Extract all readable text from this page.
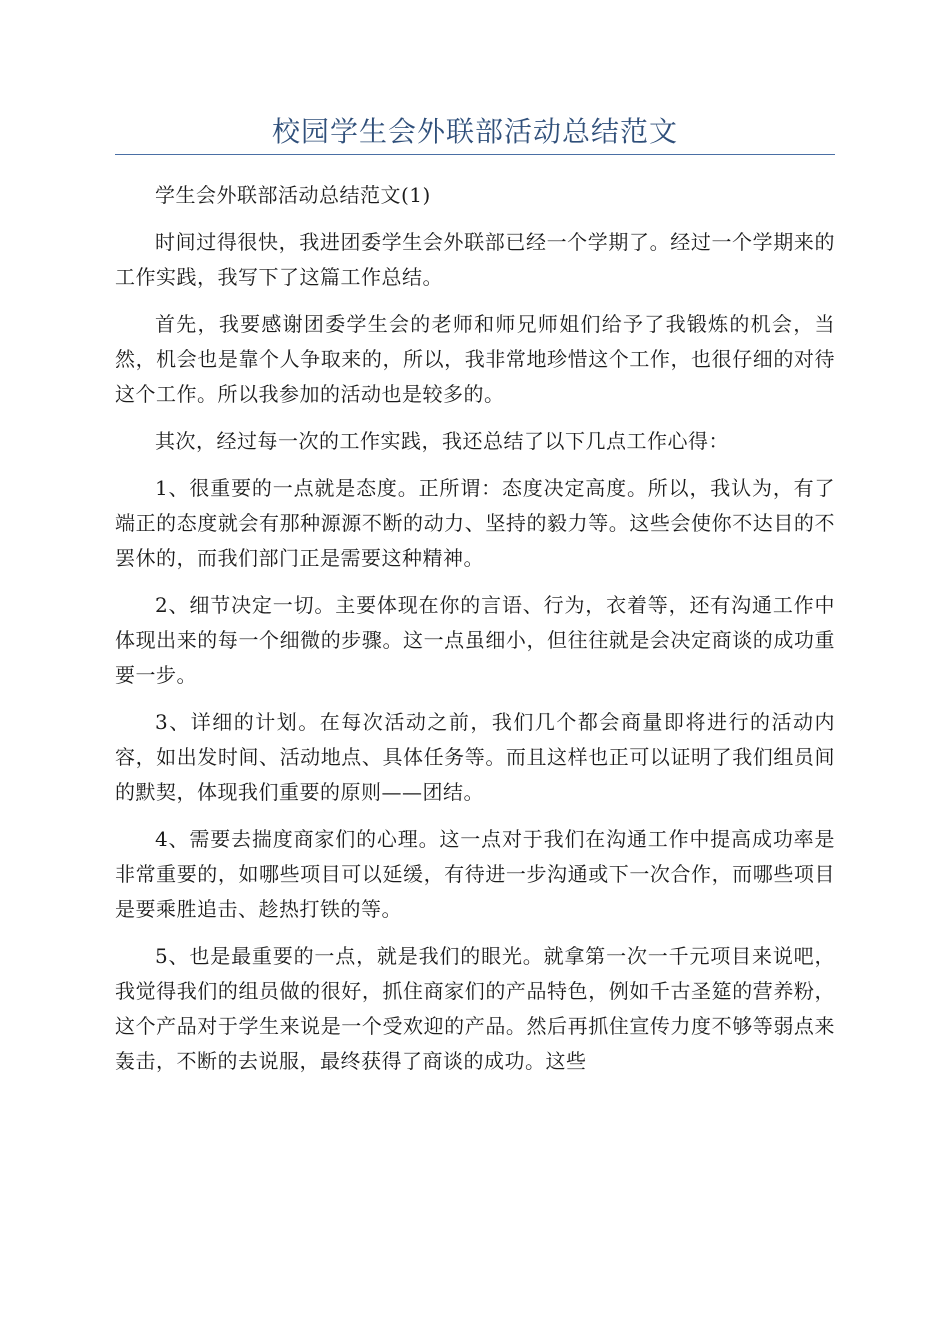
校园学生会外联部活动总结范文

学生会外联部活动总结范文(1)

时间过得很快，我进团委学生会外联部已经一个学期了。经过一个学期来的工作实践，我写下了这篇工作总结。

首先，我要感谢团委学生会的老师和师兄师姐们给予了我锻炼的机会，当然，机会也是靠个人争取来的，所以，我非常地珍惜这个工作，也很仔细的对待这个工作。所以我参加的活动也是较多的。

其次，经过每一次的工作实践，我还总结了以下几点工作心得：

1、很重要的一点就是态度。正所谓：态度决定高度。所以，我认为，有了端正的态度就会有那种源源不断的动力、坚持的毅力等。这些会使你不达目的不罢休的，而我们部门正是需要这种精神。

2、细节决定一切。主要体现在你的言语、行为，衣着等，还有沟通工作中体现出来的每一个细微的步骤。这一点虽细小，但往往就是会决定商谈的成功重要一步。

3、详细的计划。在每次活动之前，我们几个都会商量即将进行的活动内容，如出发时间、活动地点、具体任务等。而且这样也正可以证明了我们组员间的默契，体现我们重要的原则——团结。

4、需要去揣度商家们的心理。这一点对于我们在沟通工作中提高成功率是非常重要的，如哪些项目可以延缓，有待进一步沟通或下一次合作，而哪些项目是要乘胜追击、趁热打铁的等。

5、也是最重要的一点，就是我们的眼光。就拿第一次一千元项目来说吧，我觉得我们的组员做的很好，抓住商家们的产品特色，例如千古圣筵的营养粉，这个产品对于学生来说是一个受欢迎的产品。然后再抓住宣传力度不够等弱点来轰击，不断的去说服，最终获得了商谈的成功。这些
